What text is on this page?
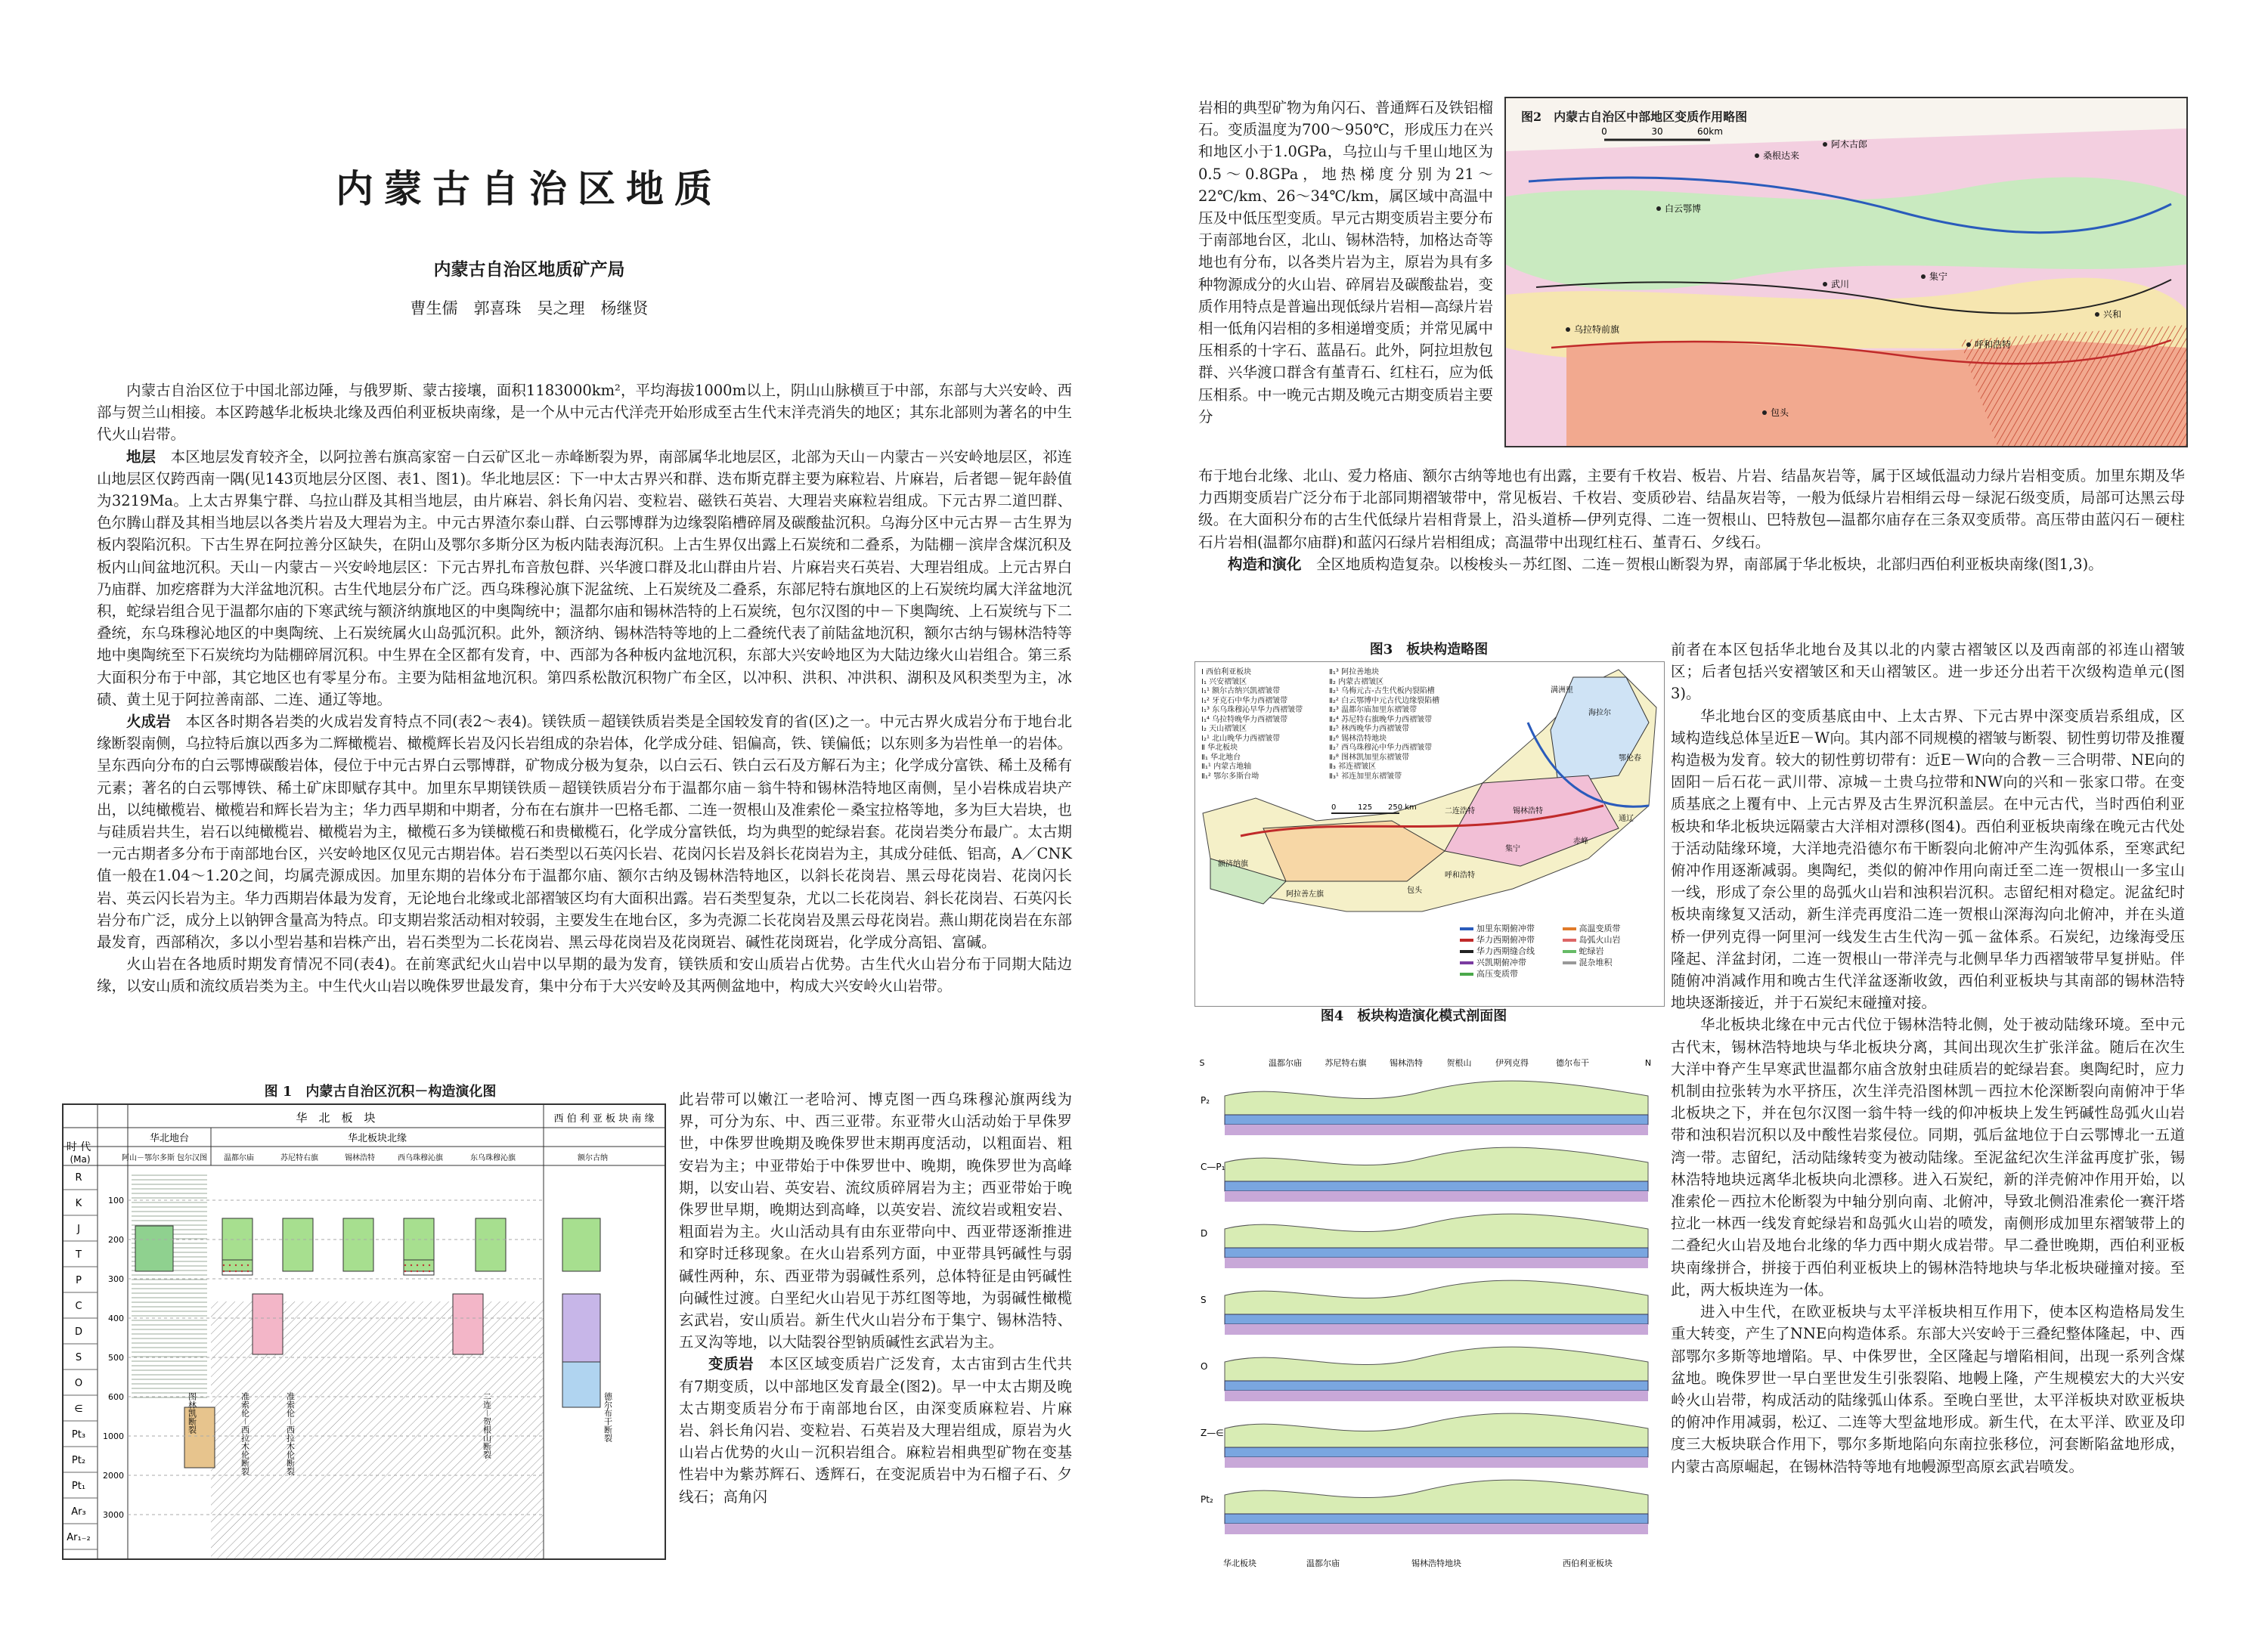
内蒙古自治区地质
内蒙古自治区地质矿产局
曹生儒　郭喜珠　吴之理　杨继贤

内蒙古自治区位于中国北部边陲，与俄罗斯、蒙古接壤，面积1183000km²，平均海拔1000m以上，阴山山脉横亘于中部，东部与大兴安岭、西部与贺兰山相接。本区跨越华北板块北缘及西伯利亚板块南缘，是一个从中元古代洋壳开始形成至古生代末洋壳消失的地区；其东北部则为著名的中生代火山岩带。

地层　 本区地层发育较齐全，以阿拉善右旗高家窑－白云矿区北－赤峰断裂为界，南部属华北地层区，北部为天山－内蒙古－兴安岭地层区，祁连山地层区仅跨西南一隅(见143页地层分区图、表1、图1)。华北地层区：下一中太古界兴和群、迭布斯克群主要为麻粒岩、片麻岩，后者锶－铌年龄值为3219Ma。上太古界集宁群、乌拉山群及其相当地层，由片麻岩、斜长角闪岩、变粒岩、磁铁石英岩、大理岩夹麻粒岩组成。下元古界二道凹群、色尔腾山群及其相当地层以各类片岩及大理岩为主。中元古界渣尔泰山群、白云鄂博群为边缘裂陷槽碎屑及碳酸盐沉积。乌海分区中元古界－古生界为板内裂陷沉积。下古生界在阿拉善分区缺失，在阴山及鄂尔多斯分区为板内陆表海沉积。上古生界仅出露上石炭统和二叠系，为陆棚－滨岸含煤沉积及板内山间盆地沉积。天山－内蒙古－兴安岭地层区：下元古界扎布音敖包群、兴华渡口群及北山群由片岩、片麻岩夹石英岩、大理岩组成。上元古界白乃庙群、加疙瘩群为大洋盆地沉积。古生代地层分布广泛。西乌珠穆沁旗下泥盆统、上石炭统及二叠系，东部尼特右旗地区的上石炭统均属大洋盆地沉积，蛇绿岩组合见于温都尔庙的下寒武统与额济纳旗地区的中奥陶统中；温都尔庙和锡林浩特的上石炭统，包尔汉图的中－下奥陶统、上石炭统与下二叠统，东乌珠穆沁地区的中奥陶统、上石炭统属火山岛弧沉积。此外，额济纳、锡林浩特等地的上二叠统代表了前陆盆地沉积，额尔古纳与锡林浩特等地中奥陶统至下石炭统均为陆棚碎屑沉积。中生界在全区都有发育，中、西部为各种板内盆地沉积，东部大兴安岭地区为大陆边缘火山岩组合。第三系大面积分布于中部，其它地区也有零星分布。主要为陆相盆地沉积。第四系松散沉积物广布全区，以冲积、洪积、冲洪积、湖积及风积类型为主，冰碛、黄土见于阿拉善南部、二连、通辽等地。

火成岩　 本区各时期各岩类的火成岩发育特点不同(表2～表4)。镁铁质－超镁铁质岩类是全国较发育的省(区)之一。中元古界火成岩分布于地台北缘断裂南侧，乌拉特后旗以西多为二辉橄榄岩、橄榄辉长岩及闪长岩组成的杂岩体，化学成分硅、铝偏高，铁、镁偏低；以东则多为岩性单一的岩体。呈东西向分布的白云鄂博碳酸岩体，侵位于中元古界白云鄂博群，矿物成分极为复杂，以白云石、铁白云石及方解石为主；化学成分富铁、稀土及稀有元素；著名的白云鄂博铁、稀土矿床即赋存其中。加里东早期镁铁质－超镁铁质岩分布于温都尔庙－翁牛特和锡林浩特地区南侧，呈小岩株成岩块产出，以纯橄榄岩、橄榄岩和辉长岩为主；华力西早期和中期者，分布在右旗井一巴格毛都、二连一贺根山及准索伦－桑宝拉格等地，多为巨大岩块，也与硅质岩共生，岩石以纯橄榄岩、橄榄岩为主，橄榄石多为镁橄榄石和贵橄榄石，化学成分富铁低，均为典型的蛇绿岩套。花岗岩类分布最广。太古期一元古期者多分布于南部地台区，兴安岭地区仅见元古期岩体。岩石类型以石英闪长岩、花岗闪长岩及斜长花岗岩为主，其成分硅低、铝高，A／CNK值一般在1.04～1.20之间，均属壳源成因。加里东期的岩体分布于温都尔庙、额尔古纳及锡林浩特地区，以斜长花岗岩、黑云母花岗岩、花岗闪长岩、英云闪长岩为主。华力西期岩体最为发育，无论地台北缘或北部褶皱区均有大面积出露。岩石类型复杂，尤以二长花岗岩、斜长花岗岩、石英闪长岩分布广泛，成分上以钠钾含量高为特点。印支期岩浆活动相对较弱，主要发生在地台区，多为壳源二长花岗岩及黑云母花岗岩。燕山期花岗岩在东部最发育，西部稍次，多以小型岩基和岩株产出，岩石类型为二长花岗岩、黑云母花岗岩及花岗斑岩、碱性花岗斑岩，化学成分高铝、富碱。

火山岩在各地质时期发育情况不同(表4)。在前寒武纪火山岩中以早期的最为发育，镁铁质和安山质岩占优势。古生代火山岩分布于同期大陆边缘，以安山质和流纹质岩类为主。中生代火山岩以晚侏罗世最发育，集中分布于大兴安岭及其两侧盆地中，构成大兴安岭火山岩带。

图 1　内蒙古自治区沉积－构造演化图
时 代
(Ma)
华　北　板　块	西 伯 利 亚 板 块 南 缘
华北地台	华北板块北缘
阿山－鄂尔多斯 包尔汉图 温都尔庙	苏尼特右旗	锡林浩特	西乌珠穆沁旗	东乌珠穆沁旗	额尔古纳
R
K
J
T
P
C
D
S
O
∈
Pt₃
Pt₂
Pt₁
Ar₃
Ar₁₋₂
100
200
300
400
500
600
1000
2000
3000
图林凯断裂	准索伦－西拉木伦断裂	准索伦－西拉木伦断裂	二连－贺根山断裂	德尔布干断裂

此岩带可以嫩江一老哈河、博克图一西乌珠穆沁旗两线为界，可分为东、中、西三亚带。东亚带火山活动始于早侏罗世，中侏罗世晚期及晚侏罗世末期再度活动，以粗面岩、粗安岩为主；中亚带始于中侏罗世中、晚期，晚侏罗世为高峰期，以安山岩、英安岩、流纹质碎屑岩为主；西亚带始于晚侏罗世早期，晚期达到高峰，以英安岩、流纹岩或粗安岩、粗面岩为主。火山活动具有由东亚带向中、西亚带逐渐推进和穿时迁移现象。在火山岩系列方面，中亚带具钙碱性与弱碱性两种，东、西亚带为弱碱性系列，总体特征是由钙碱性向碱性过渡。白垩纪火山岩见于苏红图等地，为弱碱性橄榄玄武岩，安山质岩。新生代火山岩分布于集宁、锡林浩特、五叉沟等地，以大陆裂谷型钠质碱性玄武岩为主。

变质岩　 本区区域变质岩广泛发育，太古宙到古生代共有7期变质，以中部地区发育最全(图2)。早一中太古期及晚太古期变质岩分布于南部地台区，由深变质麻粒岩、片麻岩、斜长角闪岩、变粒岩、石英岩及大理岩组成，原岩为火山岩占优势的火山－沉积岩组合。麻粒岩相典型矿物在变基性岩中为紫苏辉石、透辉石，在变泥质岩中为石榴子石、夕线石；高角闪

岩相的典型矿物为角闪石、普通辉石及铁铝榴石。变质温度为700～950℃，形成压力在兴和地区小于1.0GPa，乌拉山与千里山地区为0.5～0.8GPa，地热梯度分别为21～22℃/km、26～34℃/km，属区域中高温中压及中低压型变质。早元古期变质岩主要分布于南部地台区，北山、锡林浩特，加格达奇等地也有分布，以各类片岩为主，原岩为具有多种物源成分的火山岩、碎屑岩及碳酸盐岩，变质作用特点是普遍出现低绿片岩相—高绿片岩相一低角闪岩相的多相递增变质；并常见属中压相系的十字石、蓝晶石。此外，阿拉坦敖包群、兴华渡口群含有堇青石、红柱石，应为低压相系。中一晚元古期及晚元古期变质岩主要分

图2　内蒙古自治区中部地区变质作用略图
0	30	60km
阿木古郎
桑根达来
白云鄂博
武川
集宁
兴和
呼和浩特
包头
乌拉特前旗

布于地台北缘、北山、爱力格庙、额尔古纳等地也有出露，主要有千枚岩、板岩、片岩、结晶灰岩等，属于区域低温动力绿片岩相变质。加里东期及华力西期变质岩广泛分布于北部同期褶皱带中，常见板岩、千枚岩、变质砂岩、结晶灰岩等，一般为低绿片岩相绢云母－绿泥石级变质，局部可达黑云母级。在大面积分布的古生代低绿片岩相背景上，沿头道桥—伊列克得、二连一贺根山、巴特敖包—温都尔庙存在三条双变质带。高压带由蓝闪石－硬柱石片岩相(温都尔庙群)和蓝闪石绿片岩相组成；高温带中出现红柱石、堇青石、夕线石。

构造和演化　 全区地质构造复杂。以梭梭头－苏红图、二连－贺根山断裂为界，南部属于华北板块，北部归西伯利亚板块南缘(图1,3)。

图3　板块构造略图
满洲里
海拉尔
鄂伦春
额济纳旗
阿拉善左旗	包头
呼和浩特
集宁
赤峰
通辽
二连浩特	锡林浩特
0	125 250 km
Ⅰ 西伯利亚板块
Ⅰ₁ 兴安褶皱区
Ⅰ₁¹ 额尔古纳兴凯褶皱带
Ⅰ₁² 牙克石中华力西褶皱带
Ⅰ₁³ 东乌珠穆沁早华力西褶皱带
Ⅰ₁⁴ 乌拉特晚华力西褶皱带
Ⅰ₂ 天山褶皱区
Ⅰ₂¹ 北山晚华力西褶皱带
Ⅱ 华北板块
Ⅱ₁ 华北地台
Ⅱ₁¹ 内蒙古地轴
Ⅱ₁² 鄂尔多斯台坳
Ⅱ₁³ 阿拉善地块
Ⅱ₂ 内蒙古褶皱区
Ⅱ₂¹ 乌梅元古-古生代板内裂陷槽
Ⅱ₂² 白云鄂博中元古代边缘裂陷槽
Ⅱ₂³ 温都尔庙加里东褶皱带
Ⅱ₂⁴ 苏尼特右旗晚华力西褶皱带
Ⅱ₂⁵ 林西晚华力西褶皱带
Ⅱ₂⁶ 锡林浩特地块
Ⅱ₂⁷ 西乌珠穆沁中华力西褶皱带
Ⅱ₂⁸ 图林凯加里东褶皱带
Ⅱ₃ 祁连褶皱区
Ⅱ₃¹ 祁连加里东褶皱带
加里东期俯冲带
华力西期俯冲带
华力西期缝合线
兴凯期俯冲带
高压变质带
高温变质带
岛弧火山岩
蛇绿岩
混杂堆积

前者在本区包括华北地台及其以北的内蒙古褶皱区以及西南部的祁连山褶皱区；后者包括兴安褶皱区和天山褶皱区。进一步还分出若干次级构造单元(图3)。

华北地台区的变质基底由中、上太古界、下元古界中深变质岩系组成，区域构造线总体呈近E－W向。其内部不同规模的褶皱与断裂、韧性剪切带及推覆构造极为发育。较大的韧性剪切带有：近E－W向的合教－三合明带、NE向的固阳－后石花－武川带、凉城－土贵乌拉带和NW向的兴和－张家口带。在变质基底之上覆有中、上元古界及古生界沉积盖层。在中元古代，当时西伯利亚板块和华北板块远隔蒙古大洋相对漂移(图4)。西伯利亚板块南缘在晚元古代处于活动陆缘环境，大洋地壳沿德尔布干断裂向北俯冲产生沟弧体系，至寒武纪俯冲作用逐渐减弱。奥陶纪，类似的俯冲作用向南迁至二连一贺根山一多宝山一线，形成了奈公里的岛弧火山岩和浊积岩沉积。志留纪相对稳定。泥盆纪时板块南缘复又活动，新生洋壳再度沿二连一贺根山深海沟向北俯冲，并在头道桥一伊列克得一阿里河一线发生古生代沟－弧－盆体系。石炭纪，边缘海受压隆起、洋盆封闭，二连一贺根山一带洋壳与北侧早华力西褶皱带早复拼贴。伴随俯冲消减作用和晚古生代洋盆逐渐收敛，西伯利亚板块与其南部的锡林浩特地块逐渐接近，并于石炭纪末碰撞对接。

华北板块北缘在中元古代位于锡林浩特北侧，处于被动陆缘环境。至中元古代末，锡林浩特地块与华北板块分离，其间出现次生扩张洋盆。随后在次生大洋中脊产生早寒武世温都尔庙含放射虫硅质岩的蛇绿岩套。奥陶纪时，应力机制由拉张转为水平挤压，次生洋壳沿图林凯－西拉木伦深断裂向南俯冲于华北板块之下，并在包尔汉图一翁牛特一线的仰冲板块上发生钙碱性岛弧火山岩带和浊积岩沉积以及中酸性岩浆侵位。同期，弧后盆地位于白云鄂博北一五道湾一带。志留纪，活动陆缘转变为被动陆缘。至泥盆纪次生洋盆再度扩张，锡林浩特地块远离华北板块向北漂移。进入石炭纪，新的洋壳俯冲作用开始，以准索伦－西拉木伦断裂为中轴分别向南、北俯冲，导致北侧沿准索伦一赛汗塔拉北一林西一线发育蛇绿岩和岛弧火山岩的喷发，南侧形成加里东褶皱带上的二叠纪火山岩及地台北缘的华力西中期火成岩带。早二叠世晚期，西伯利亚板块南缘拼合，拼接于西伯利亚板块上的锡林浩特地块与华北板块碰撞对接。至此，两大板块连为一体。

进入中生代，在欧亚板块与太平洋板块相互作用下，使本区构造格局发生重大转变，产生了NNE向构造体系。东部大兴安岭于三叠纪整体隆起，中、西部鄂尔多斯等地增陷。早、中侏罗世，全区隆起与增陷相间，出现一系列含煤盆地。晚侏罗世一早白垩世发生引张裂陷、地幔上隆，产生规模宏大的大兴安岭火山岩带，构成活动的陆缘弧山体系。至晚白垩世，太平洋板块对欧亚板块的俯冲作用减弱，松辽、二连等大型盆地形成。新生代，在太平洋、欧亚及印度三大板块联合作用下，鄂尔多斯地陷向东南拉张移位，河套断陷盆地形成，内蒙古高原崛起，在锡林浩特等地有地幔源型高原玄武岩喷发。

图4　板块构造演化模式剖面图
S	温都尔庙	苏尼特右旗	锡林浩特	贺根山	伊列克得	德尔布干	N
P₂
C—P₁
D
S
O
Z—∈
Pt₂
华北板块	温都尔庙	锡林浩特地块	西伯利亚板块
